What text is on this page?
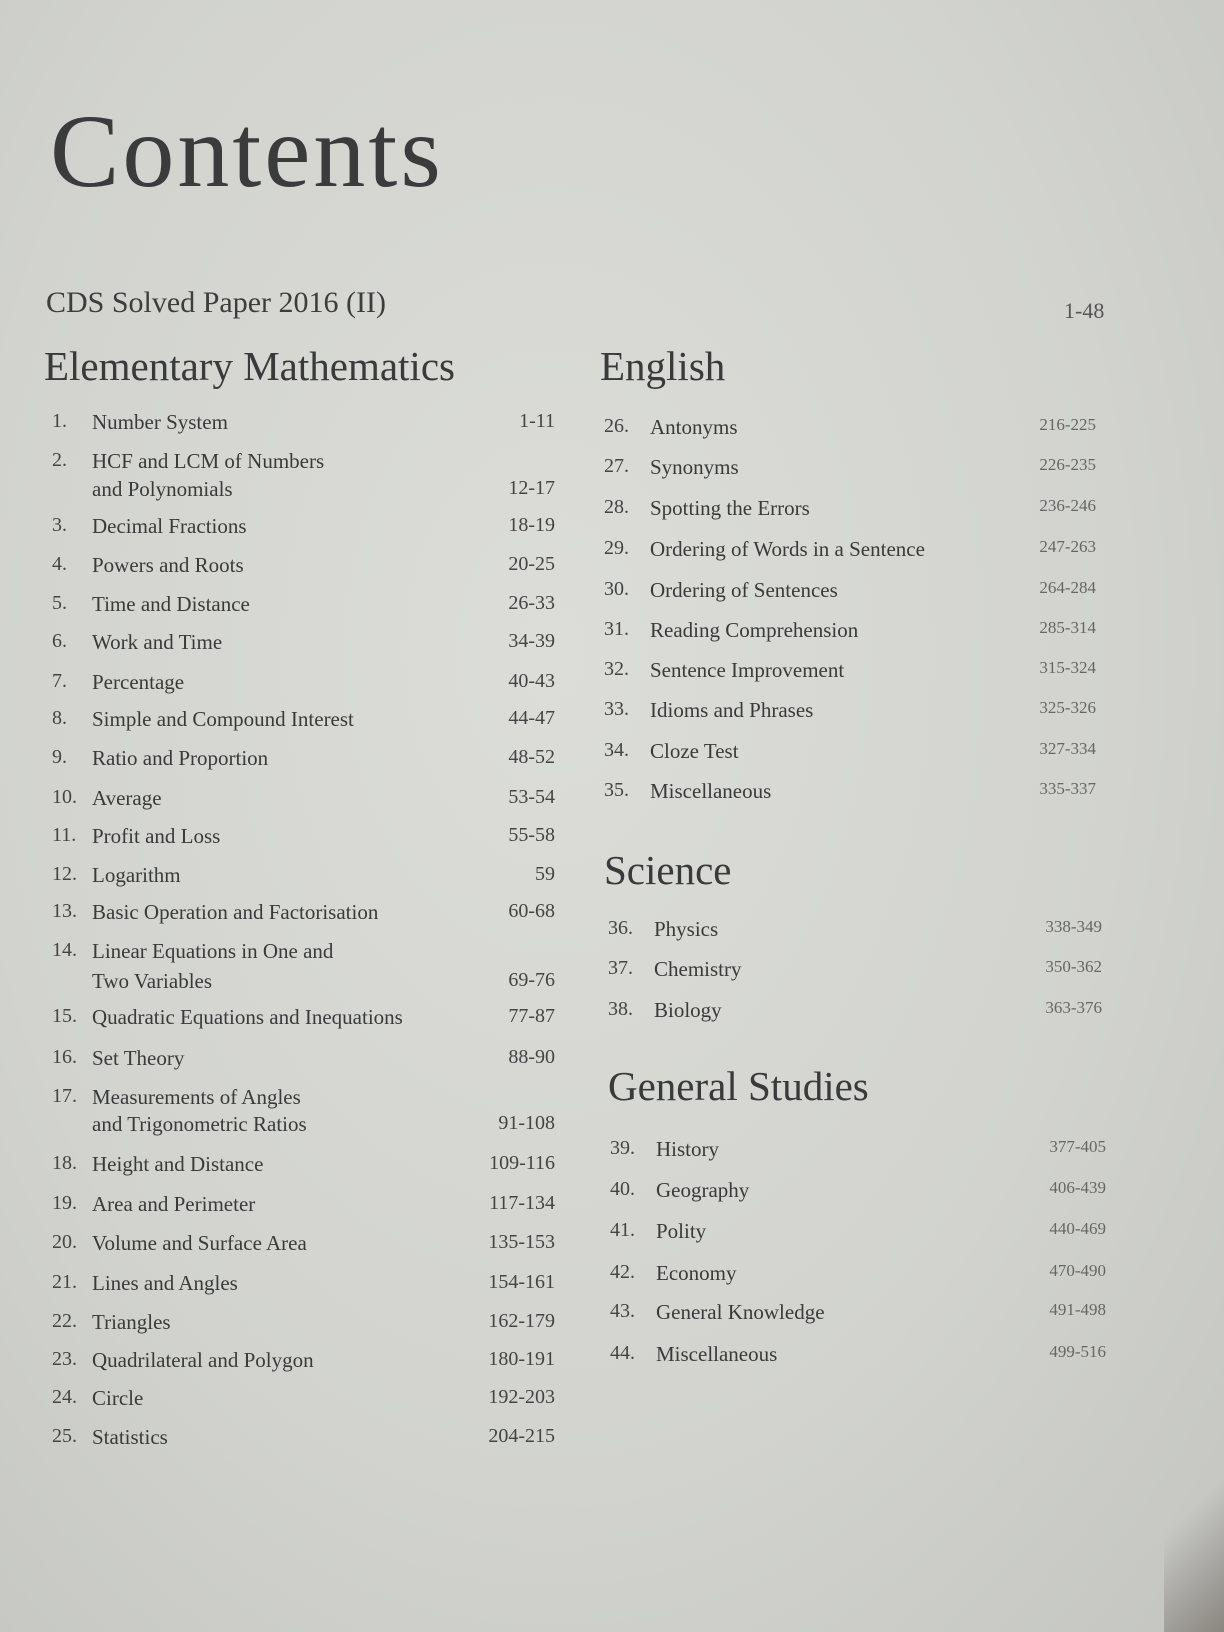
Contents
CDS Solved Paper 2016 (II)	1-48
Elementary Mathematics
1. Number System	1-11
2. HCF and LCM of Numbers
and Polynomials	12-17
3. Decimal Fractions	18-19
4. Powers and Roots	20-25
5. Time and Distance	26-33
6. Work and Time	34-39
7. Percentage	40-43
8. Simple and Compound Interest	44-47
9. Ratio and Proportion	48-52
10. Average	53-54
11. Profit and Loss	55-58
12. Logarithm	59
13. Basic Operation and Factorisation	60-68
14. Linear Equations in One and
Two Variables	69-76
15. Quadratic Equations and Inequations	77-87
16. Set Theory	88-90
17. Measurements of Angles
and Trigonometric Ratios	91-108
18. Height and Distance	109-116
19. Area and Perimeter	117-134
20. Volume and Surface Area	135-153
21. Lines and Angles	154-161
22. Triangles	162-179
23. Quadrilateral and Polygon	180-191
24. Circle	192-203
25. Statistics	204-215
English
26. Antonyms	216-225
27. Synonyms	226-235
28. Spotting the Errors	236-246
29. Ordering of Words in a Sentence	247-263
30. Ordering of Sentences	264-284
31. Reading Comprehension	285-314
32. Sentence Improvement	315-324
33. Idioms and Phrases	325-326
34. Cloze Test	327-334
35. Miscellaneous	335-337
Science
36. Physics	338-349
37. Chemistry	350-362
38. Biology	363-376
General Studies
39. History	377-405
40. Geography	406-439
41. Polity	440-469
42. Economy	470-490
43. General Knowledge	491-498
44. Miscellaneous	499-516
